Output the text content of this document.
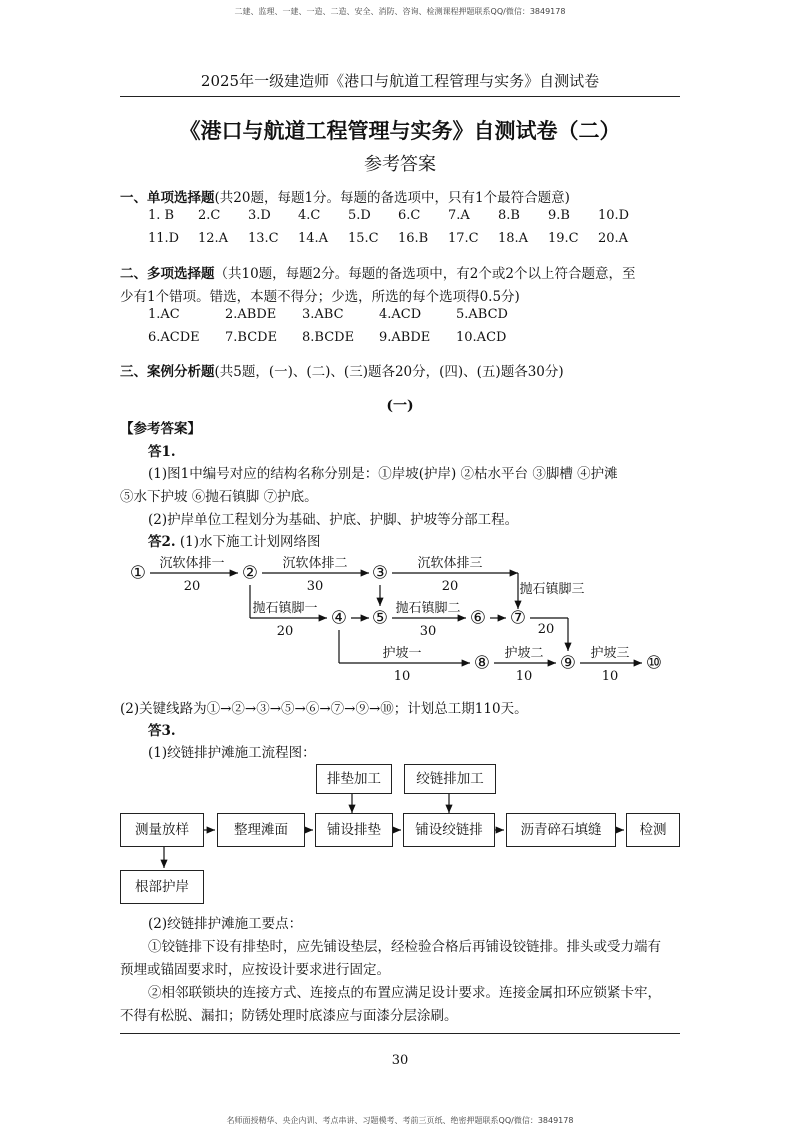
二建、监理、一建、一造、二造、安全、消防、咨询、检测课程押题联系QQ/微信：3849178
2025年一级建造师《港口与航道工程管理与实务》自测试卷
《港口与航道工程管理与实务》自测试卷（二）
参考答案
一、单项选择题(共20题，每题1分。每题的备选项中，只有1个最符合题意)
1. B	2.C	3.D	4.C	5.D	6.C	7.A	8.B	9.B	10.D
11.D	12.A	13.C	14.A	15.C	16.B	17.C	18.A	19.C	20.A
二、多项选择题（共10题，每题2分。每题的备选项中，有2个或2个以上符合题意，至
少有1个错项。错选，本题不得分；少选，所选的每个选项得0.5分)
1.AC	2.ABDE	3.ABC	4.ACD	5.ABCD
6.ACDE	7.BCDE	8.BCDE	9.ABDE	10.ACD
三、案例分析题(共5题，(一)、(二)、(三)题各20分，(四)、(五)题各30分)
(一)
【参考答案】
答1.
(1)图1中编号对应的结构名称分别是：①岸坡(护岸) ②枯水平台 ③脚槽 ④护滩
⑤水下护坡 ⑥抛石镇脚 ⑦护底。
(2)护岸单位工程划分为基础、护底、护脚、护坡等分部工程。
答2. (1)水下施工计划网络图
①	②	③
④ ⑤	⑥ ⑦
⑧	⑨	⑩
沉软体排一
20
沉软体排二
30
沉软体排三
20
抛石镇脚一
20
抛石镇脚二
30
抛石镇脚三
20
护坡一
10
护坡二
10
护坡三
10
(2)关键线路为①→②→③→⑤→⑥→⑦→⑨→⑩；计划总工期110天。
答3.
(1)绞链排护滩施工流程图：
排垫加工	绞链排加工
测量放样	整理滩面	铺设排垫	铺设绞链排	沥青碎石填缝	检测
根部护岸
(2)绞链排护滩施工要点：
①铰链排下设有排垫时，应先铺设垫层，经检验合格后再铺设铰链排。排头或受力端有
预埋或锚固要求时，应按设计要求进行固定。
②相邻联锁块的连接方式、连接点的布置应满足设计要求。连接金属扣环应锁紧卡牢，
不得有松脱、漏扣；防锈处理时底漆应与面漆分层涂刷。
30
名师面授精华、央企内训、考点串讲、习题模考、考前三页纸、绝密押题联系QQ/微信：3849178
